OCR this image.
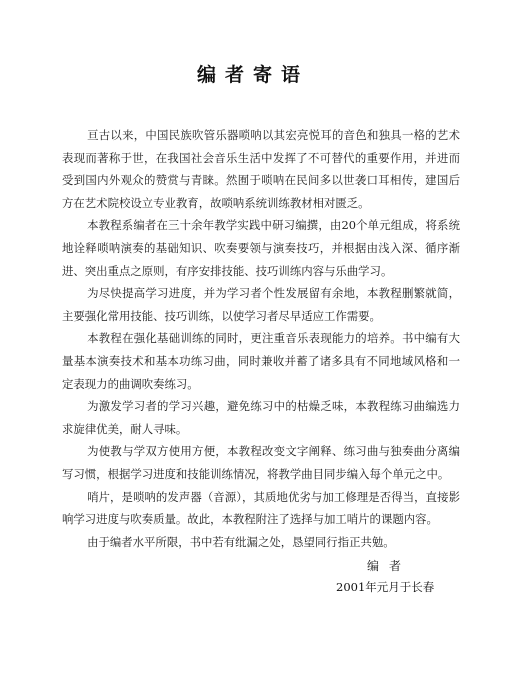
编者寄语

亘古以来，中国民族吹管乐器唢呐以其宏亮悦耳的音色和独具一格的艺术表现而著称于世，在我国社会音乐生活中发挥了不可替代的重要作用，并进而受到国内外观众的赞赏与青睐。然囿于唢呐在民间多以世袭口耳相传，建国后方在艺术院校设立专业教育，故唢呐系统训练教材相对匮乏。

本教程系编者在三十余年教学实践中研习编撰，由20个单元组成，将系统地诠释唢呐演奏的基础知识、吹奏要领与演奏技巧，并根据由浅入深、循序渐进、突出重点之原则，有序安排技能、技巧训练内容与乐曲学习。

为尽快提高学习进度，并为学习者个性发展留有余地，本教程删繁就简，主要强化常用技能、技巧训练，以使学习者尽早适应工作需要。

本教程在强化基础训练的同时，更注重音乐表现能力的培养。书中编有大量基本演奏技术和基本功练习曲，同时兼收并蓄了诸多具有不同地域风格和一定表现力的曲调吹奏练习。

为激发学习者的学习兴趣，避免练习中的枯燥乏味，本教程练习曲编选力求旋律优美，耐人寻味。

为使教与学双方使用方便，本教程改变文字阐释、练习曲与独奏曲分离编写习惯，根据学习进度和技能训练情况，将教学曲目同步编入每个单元之中。

哨片，是唢呐的发声器（音源），其质地优劣与加工修理是否得当，直接影响学习进度与吹奏质量。故此，本教程附注了选择与加工哨片的课题内容。

由于编者水平所限，书中若有纰漏之处，恳望同行指正共勉。

编者
2001年元月于长春
